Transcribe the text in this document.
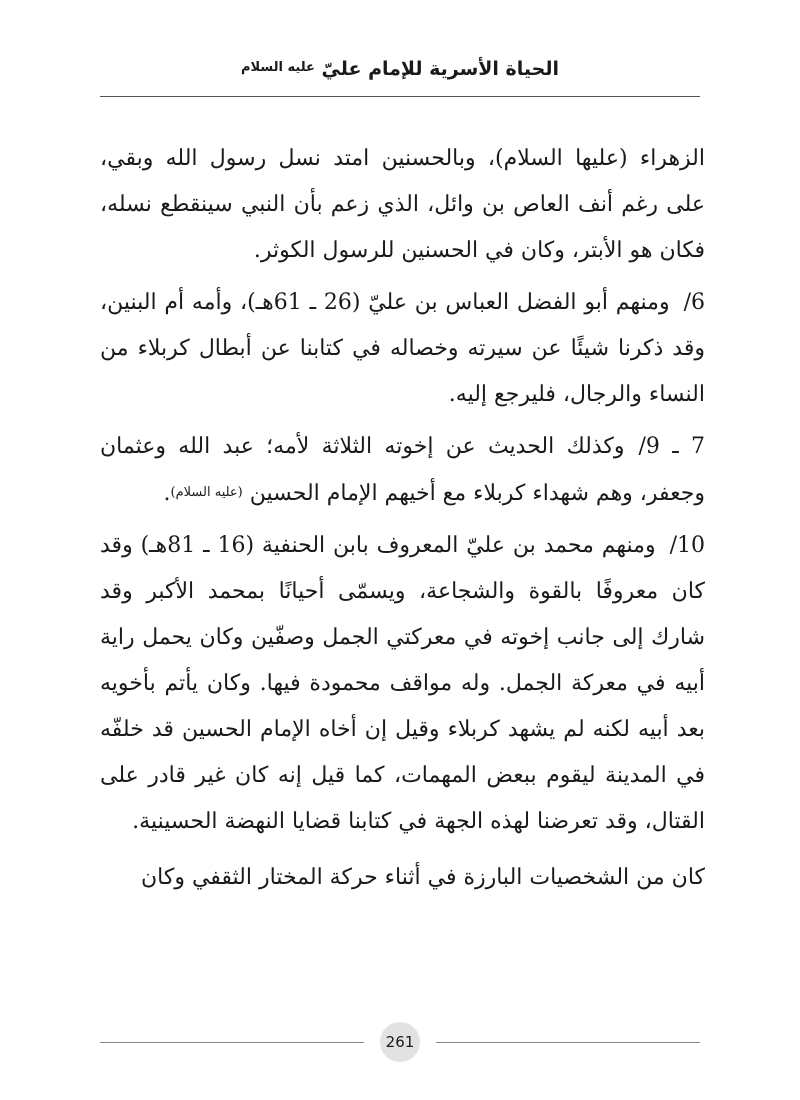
الحياة الأسرية للإمام عليّ $^{عليه السلام}$

الزهراء (عليها السلام)، وبالحسنين امتد نسل رسول الله وبقي، على رغم أنف العاص بن وائل، الذي زعم بأن النبي سينقطع نسله، فكان هو الأبتر، وكان في الحسنين للرسول الكوثر.

6/ومنهم أبو الفضل العباس بن عليّ (26 ـ 61هـ)، وأمه أم البنين، وقد ذكرنا شيئًا عن سيرته وخصاله في كتابنا عن أبطال كربلاء من النساء والرجال، فليرجع إليه.

7 ـ 9/وكذلك الحديث عن إخوته الثلاثة لأمه؛ عبد الله وعثمان وجعفر، وهم شهداء كربلاء مع أخيهم الإمام الحسين (عليه السلام).

10/ومنهم محمد بن عليّ المعروف بابن الحنفية (16 ـ 81هـ) وقد كان معروفًا بالقوة والشجاعة، ويسمّى أحيانًا بمحمد الأكبر وقد شارك إلى جانب إخوته في معركتي الجمل وصفّين وكان يحمل راية أبيه في معركة الجمل. وله مواقف محمودة فيها. وكان يأتم بأخويه بعد أبيه لكنه لم يشهد كربلاء وقيل إن أخاه الإمام الحسين قد خلفّه في المدينة ليقوم ببعض المهمات، كما قيل إنه كان غير قادر على القتال، وقد تعرضنا لهذه الجهة في كتابنا قضايا النهضة الحسينية.

كان من الشخصيات البارزة في أثناء حركة المختار الثقفي وكان

261
